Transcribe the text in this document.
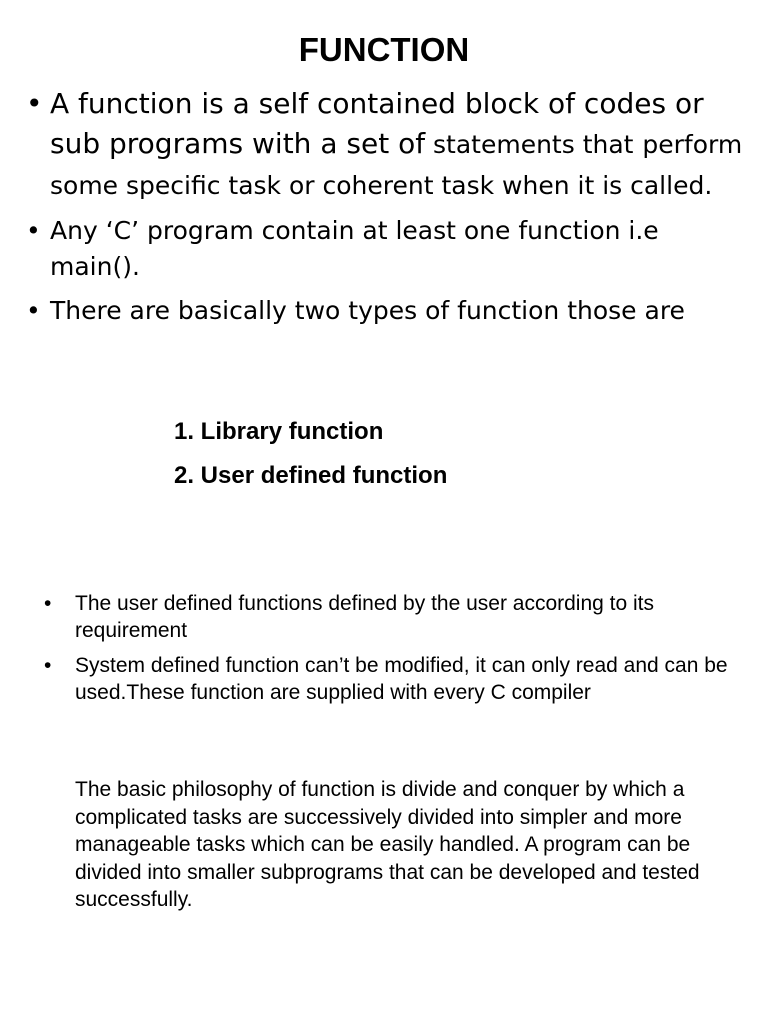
FUNCTION
• A function is a self contained block of codes or sub programs with a set of statements that perform some specific task or coherent task when it is called.
• Any ‘C’ program contain at least one function i.e main().
• There are basically two types of function those are
1. Library function
2. User defined function
• The user defined functions defined by the user according to its requirement
• System defined function can’t be modified, it can only read and can be used.These function are supplied with every C compiler

The basic philosophy of function is divide and conquer by which a complicated tasks are successively divided into simpler and more manageable tasks which can be easily handled. A program can be divided into smaller subprograms that can be developed and tested successfully.
